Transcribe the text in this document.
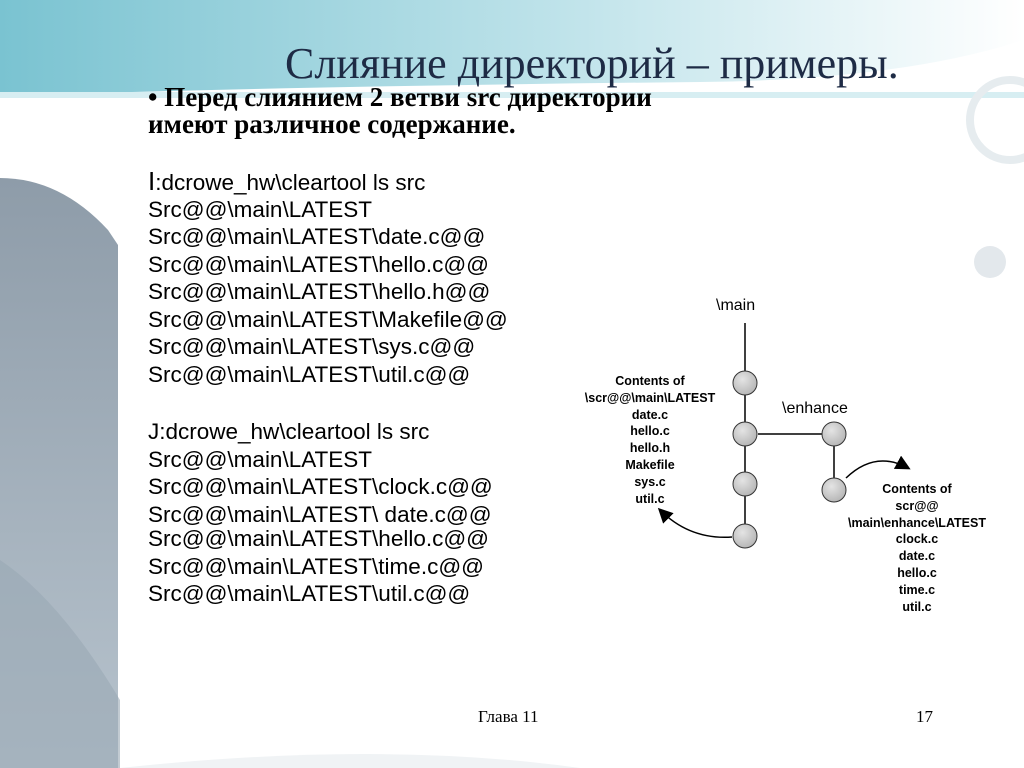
Слияние директорий – примеры.
• Перед слиянием 2 ветви src директории
имеют различное содержание.
I:dcrowe_hw\cleartool ls src
Src@@\main\LATEST
Src@@\main\LATEST\date.c@@
Src@@\main\LATEST\hello.c@@
Src@@\main\LATEST\hello.h@@
Src@@\main\LATEST\Makefile@@
Src@@\main\LATEST\sys.c@@
Src@@\main\LATEST\util.c@@
J:dcrowe_hw\cleartool ls src
Src@@\main\LATEST
Src@@\main\LATEST\clock.c@@
Src@@\main\LATEST\ date.c@@
Src@@\main\LATEST\hello.c@@
Src@@\main\LATEST\time.c@@
Src@@\main\LATEST\util.c@@
\main
\enhance
Contents of
\scr@@\main\LATEST
date.c
hello.c
hello.h
Makefile
sys.c
util.c
Contents of
scr@@
\main\enhance\LATEST
clock.c
date.c
hello.c
time.c
util.c
Глава 11	17
